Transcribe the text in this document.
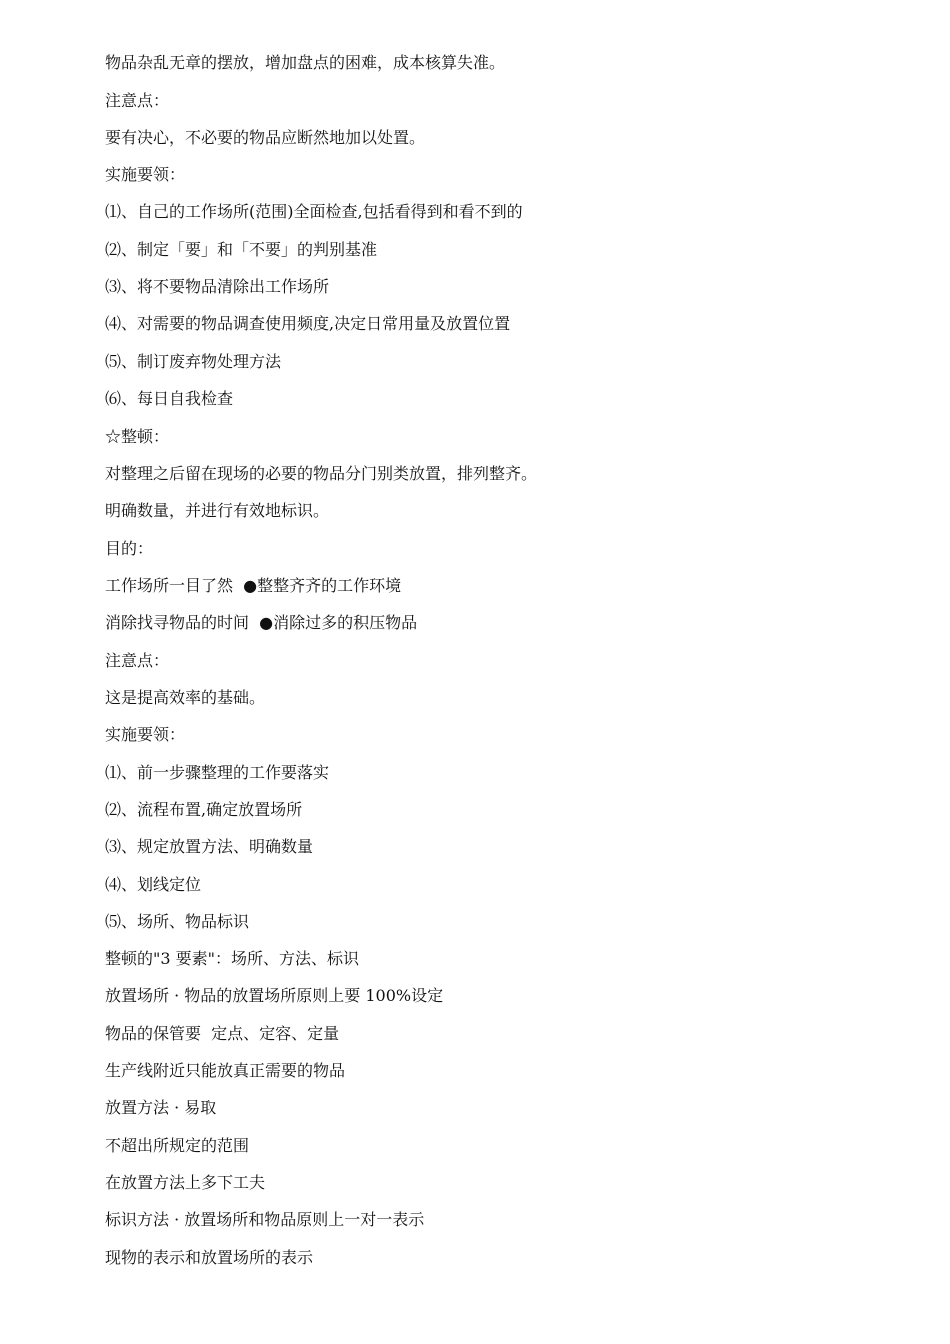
物品杂乱无章的摆放，增加盘点的困难，成本核算失准。
注意点：
要有决心，不必要的物品应断然地加以处置。
实施要领：
⑴、自己的工作场所(范围)全面检查,包括看得到和看不到的
⑵、制定「要」和「不要」的判别基准
⑶、将不要物品清除出工作场所
⑷、对需要的物品调查使用频度,决定日常用量及放置位置
⑸、制订废弃物处理方法
⑹、每日自我检查
☆整顿：
对整理之后留在现场的必要的物品分门别类放置，排列整齐。
明确数量，并进行有效地标识。
目的：
工作场所一目了然  ●整整齐齐的工作环境
消除找寻物品的时间  ●消除过多的积压物品
注意点：
这是提高效率的基础。
实施要领：
⑴、前一步骤整理的工作要落实
⑵、流程布置,确定放置场所
⑶、规定放置方法、明确数量
⑷、划线定位
⑸、场所、物品标识
整顿的"3 要素"：场所、方法、标识
放置场所 · 物品的放置场所原则上要 100%设定
物品的保管要  定点、定容、定量
生产线附近只能放真正需要的物品
放置方法 · 易取
不超出所规定的范围
在放置方法上多下工夫
标识方法 · 放置场所和物品原则上一对一表示
现物的表示和放置场所的表示
